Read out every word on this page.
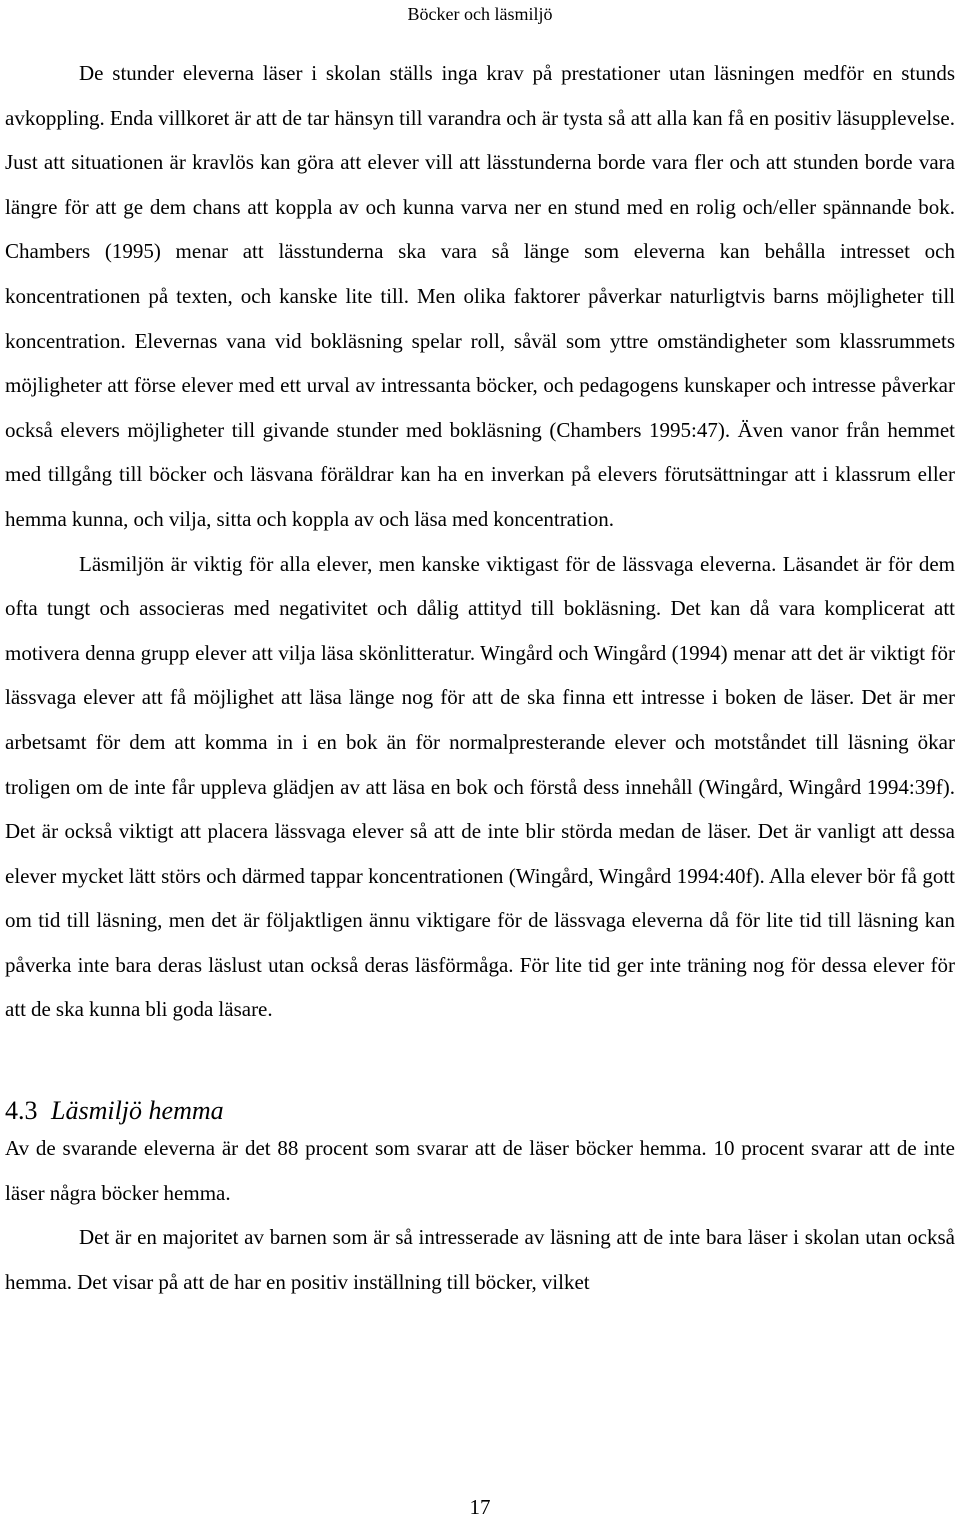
Böcker och läsmiljö

De stunder eleverna läser i skolan ställs inga krav på prestationer utan läsningen medför en stunds avkoppling. Enda villkoret är att de tar hänsyn till varandra och är tysta så att alla kan få en positiv läsupplevelse. Just att situationen är kravlös kan göra att elever vill att lässtunderna borde vara fler och att stunden borde vara längre för att ge dem chans att koppla av och kunna varva ner en stund med en rolig och/eller spännande bok. Chambers (1995) menar att lässtunderna ska vara så länge som eleverna kan behålla intresset och koncentrationen på texten, och kanske lite till. Men olika faktorer påverkar naturligtvis barns möjligheter till koncentration. Elevernas vana vid bokläsning spelar roll, såväl som yttre omständigheter som klassrummets möjligheter att förse elever med ett urval av intressanta böcker, och pedagogens kunskaper och intresse påverkar också elevers möjligheter till givande stunder med bokläsning (Chambers 1995:47). Även vanor från hemmet med tillgång till böcker och läsvana föräldrar kan ha en inverkan på elevers förutsättningar att i klassrum eller hemma kunna, och vilja, sitta och koppla av och läsa med koncentration.

Läsmiljön är viktig för alla elever, men kanske viktigast för de lässvaga eleverna. Läsandet är för dem ofta tungt och associeras med negativitet och dålig attityd till bokläsning. Det kan då vara komplicerat att motivera denna grupp elever att vilja läsa skönlitteratur. Wingård och Wingård (1994) menar att det är viktigt för lässvaga elever att få möjlighet att läsa länge nog för att de ska finna ett intresse i boken de läser. Det är mer arbetsamt för dem att komma in i en bok än för normalpresterande elever och motståndet till läsning ökar troligen om de inte får uppleva glädjen av att läsa en bok och förstå dess innehåll (Wingård, Wingård 1994:39f). Det är också viktigt att placera lässvaga elever så att de inte blir störda medan de läser. Det är vanligt att dessa elever mycket lätt störs och därmed tappar koncentrationen (Wingård, Wingård 1994:40f). Alla elever bör få gott om tid till läsning, men det är följaktligen ännu viktigare för de lässvaga eleverna då för lite tid till läsning kan påverka inte bara deras läslust utan också deras läsförmåga. För lite tid ger inte träning nog för dessa elever för att de ska kunna bli goda läsare.

4.3 Läsmiljö hemma

Av de svarande eleverna är det 88 procent som svarar att de läser böcker hemma. 10 procent svarar att de inte läser några böcker hemma.

Det är en majoritet av barnen som är så intresserade av läsning att de inte bara läser i skolan utan också hemma. Det visar på att de har en positiv inställning till böcker, vilket

17
